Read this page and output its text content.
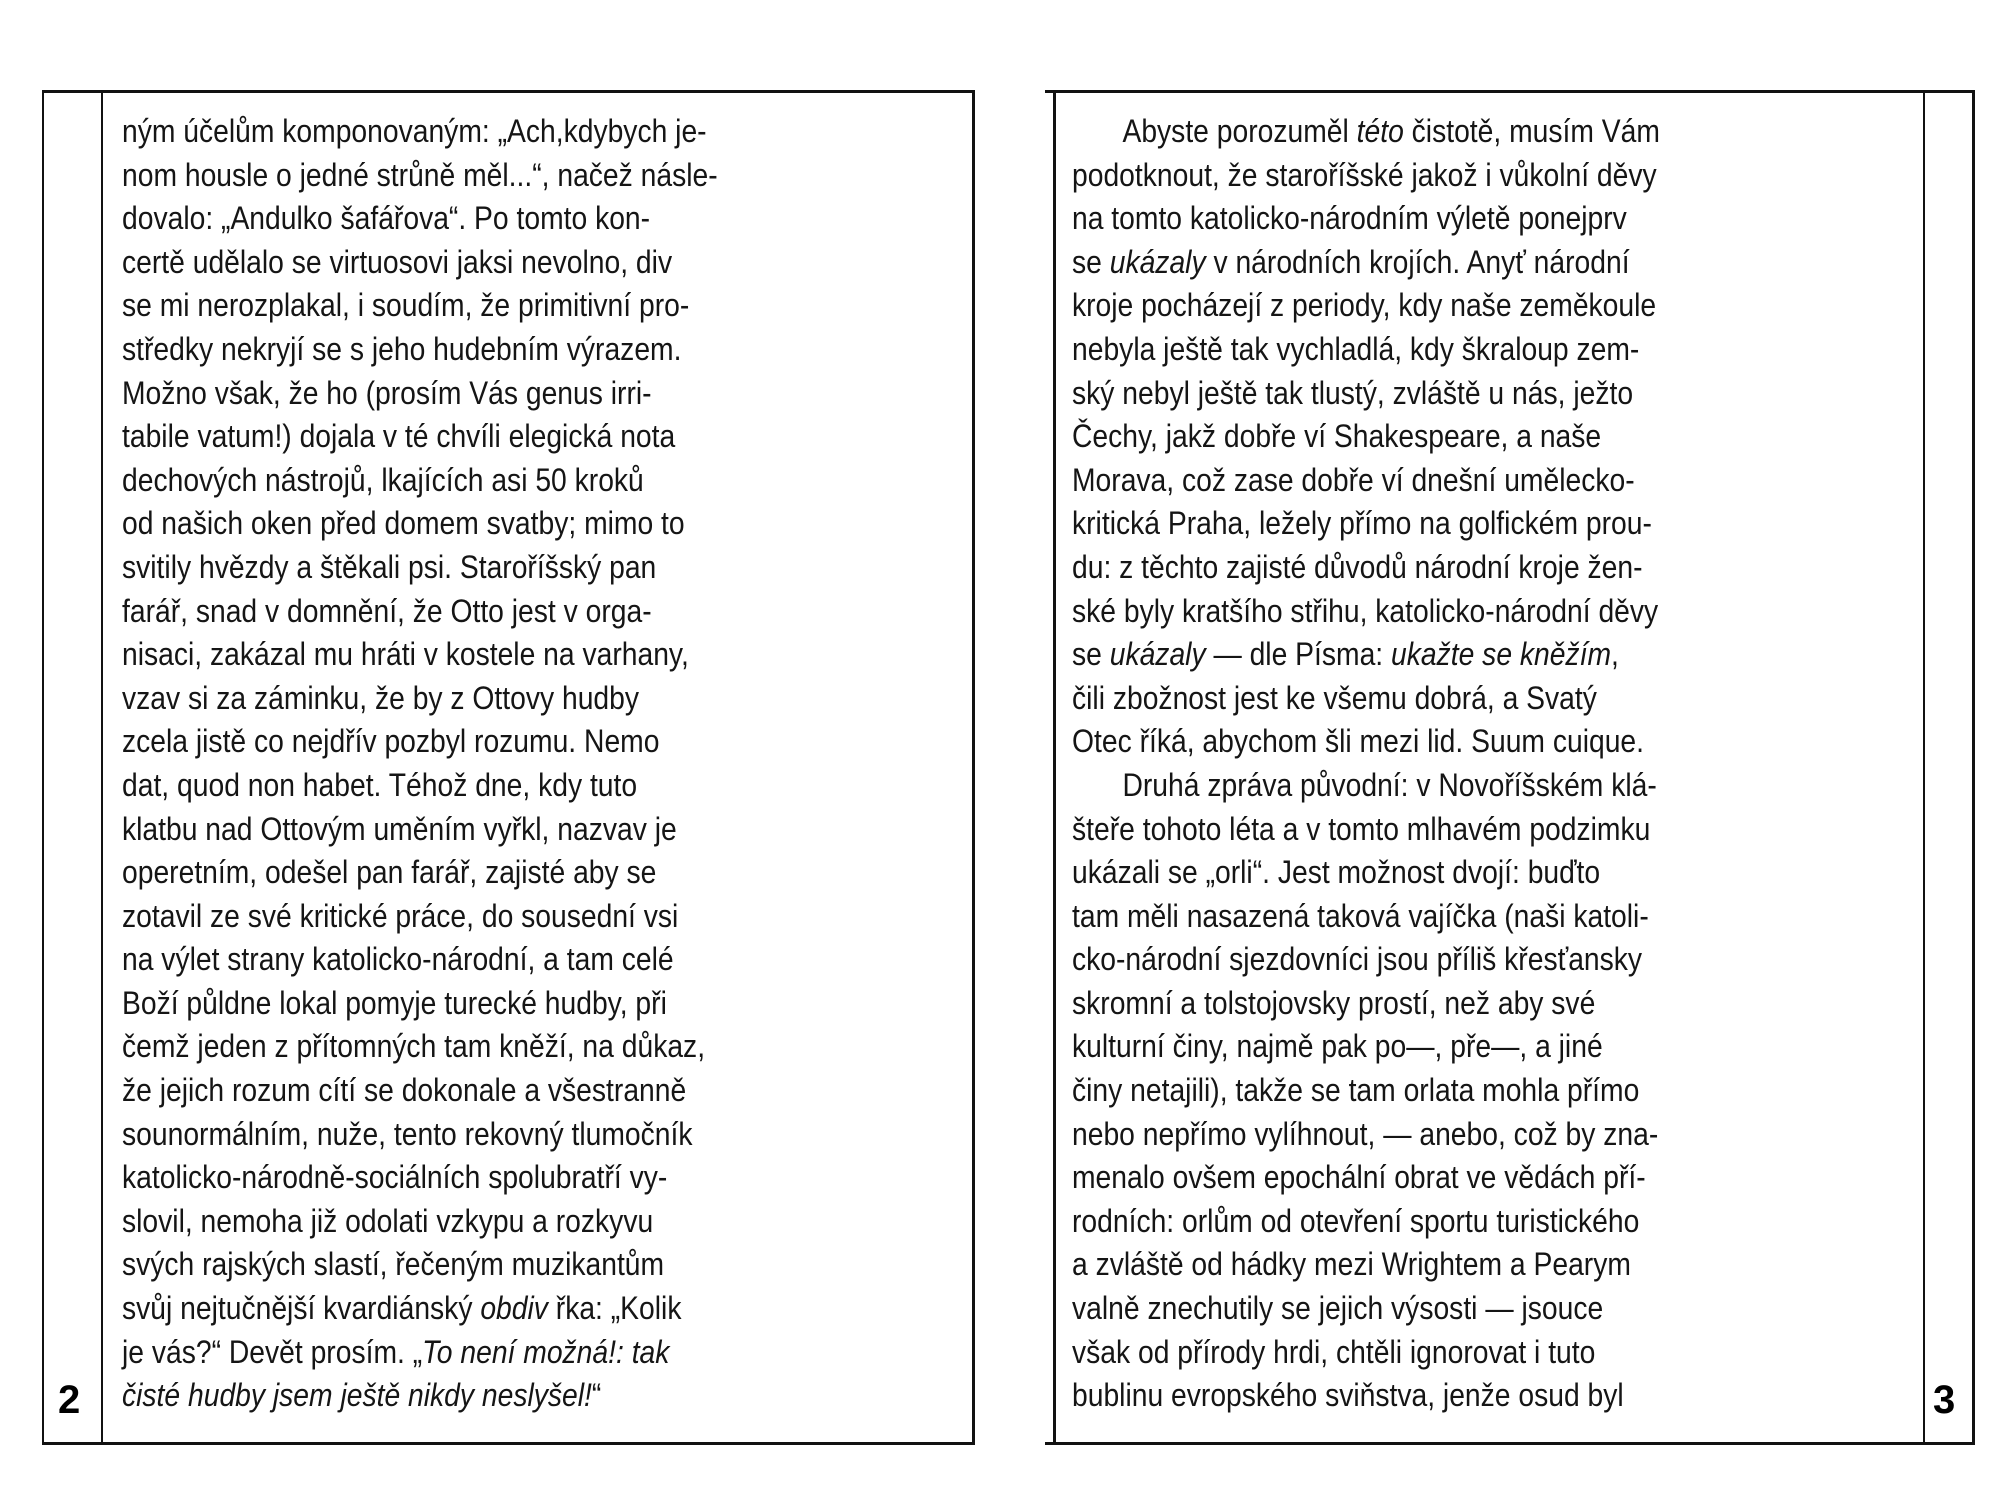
2	3
ným účelům komponovaným: „Ach,kdybych je-
nom housle o jedné strůně měl...“, načež násle-
dovalo: „Andulko šafářova“. Po tomto kon-
certě udělalo se virtuosovi jaksi nevolno, div
se mi nerozplakal, i soudím, že primitivní pro-
středky nekryjí se s jeho hudebním výrazem.
Možno však, že ho (prosím Vás genus irri-
tabile vatum!) dojala v té chvíli elegická nota
dechových nástrojů, lkajících asi 50 kroků
od našich oken před domem svatby; mimo to
svitily hvězdy a štěkali psi. Staroříšský pan
farář, snad v domnění, že Otto jest v orga-
nisaci, zakázal mu hráti v kostele na varhany,
vzav si za záminku, že by z Ottovy hudby
zcela jistě co nejdřív pozbyl rozumu. Nemo
dat, quod non habet. Téhož dne, kdy tuto
klatbu nad Ottovým uměním vyřkl, nazvav je
operetním, odešel pan farář, zajisté aby se
zotavil ze své kritické práce, do sousední vsi
na výlet strany katolicko-národní, a tam celé
Boží půldne lokal pomyje turecké hudby, při
čemž jeden z přítomných tam kněží, na důkaz,
že jejich rozum cítí se dokonale a všestranně
sounormálním, nuže, tento rekovný tlumočník
katolicko-národně-sociálních spolubratří vy-
slovil, nemoha již odolati vzkypu a rozkyvu
svých rajských slastí, řečeným muzikantům
svůj nejtučnější kvardiánský obdiv řka: „Kolik
je vás?“ Devět prosím. „To není možná!: tak
čisté hudby jsem ještě nikdy neslyšel!“
Abyste porozuměl této čistotě, musím Vám
podotknout, že staroříšské jakož i vůkolní děvy
na tomto katolicko-národním výletě ponejprv
se ukázaly v národních krojích. Anyť národní
kroje pocházejí z periody, kdy naše zeměkoule
nebyla ještě tak vychladlá, kdy škraloup zem-
ský nebyl ještě tak tlustý, zvláště u nás, ježto
Čechy, jakž dobře ví Shakespeare, a naše
Morava, což zase dobře ví dnešní umělecko-
kritická Praha, ležely přímo na golfickém prou-
du: z těchto zajisté důvodů národní kroje žen-
ské byly kratšího střihu, katolicko-národní děvy
se ukázaly — dle Písma: ukažte se kněžím,
čili zbožnost jest ke všemu dobrá, a Svatý
Otec říká, abychom šli mezi lid. Suum cuique.
Druhá zpráva původní: v Novoříšském klá-
šteře tohoto léta a v tomto mlhavém podzimku
ukázali se „orli“. Jest možnost dvojí: buďto
tam měli nasazená taková vajíčka (naši katoli-
cko-národní sjezdovníci jsou příliš křesťansky
skromní a tolstojovsky prostí, než aby své
kulturní činy, najmě pak po—, pře—, a jiné
činy netajili), takže se tam orlata mohla přímo
nebo nepřímo vylíhnout, — anebo, což by zna-
menalo ovšem epochální obrat ve vědách pří-
rodních: orlům od otevření sportu turistického
a zvláště od hádky mezi Wrightem a Pearym
valně znechutily se jejich výsosti — jsouce
však od přírody hrdi, chtěli ignorovat i tuto
bublinu evropského sviňstva, jenže osud byl
